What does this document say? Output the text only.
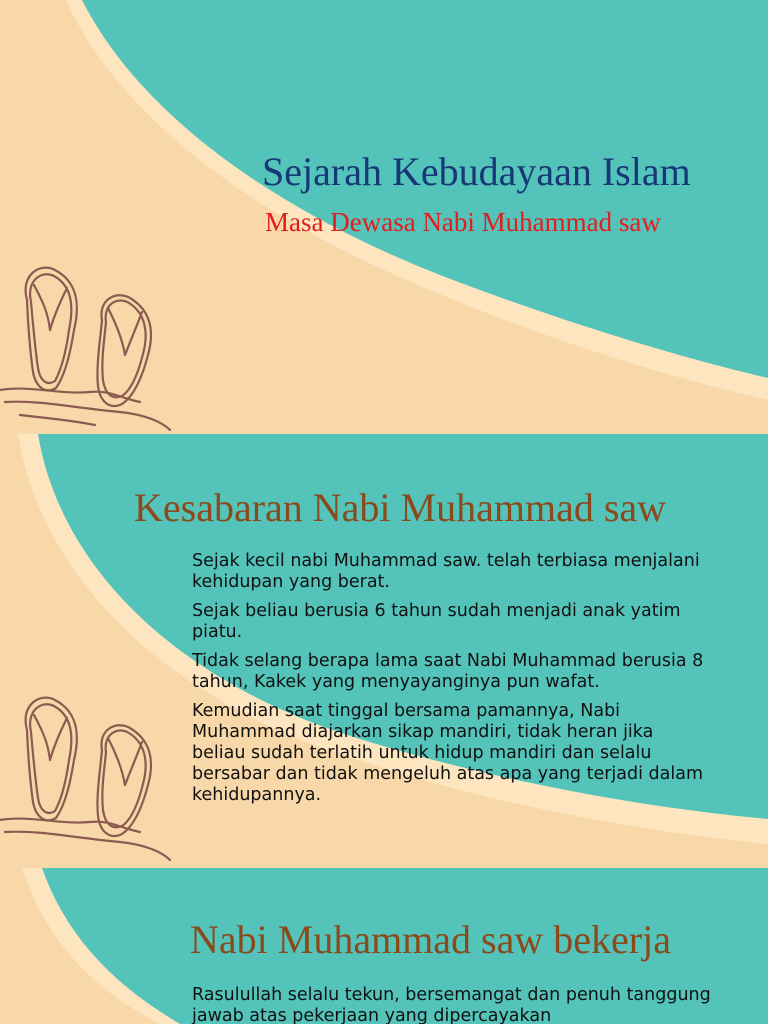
Sejarah Kebudayaan Islam
Masa Dewasa Nabi Muhammad saw
Kesabaran Nabi Muhammad saw

Sejak kecil nabi Muhammad saw. telah terbiasa menjalani kehidupan yang berat.

Sejak beliau berusia 6 tahun sudah menjadi anak yatim piatu.

Tidak selang berapa lama saat Nabi Muhammad berusia 8 tahun, Kakek yang menyayanginya pun wafat.

Kemudian saat tinggal bersama pamannya, Nabi Muhammad diajarkan sikap mandiri, tidak heran jika beliau sudah terlatih untuk hidup mandiri dan selalu bersabar dan tidak mengeluh atas apa yang terjadi dalam kehidupannya.

Nabi Muhammad saw bekerja

Rasulullah selalu tekun, bersemangat dan penuh tanggung jawab atas pekerjaan yang dipercayakan
